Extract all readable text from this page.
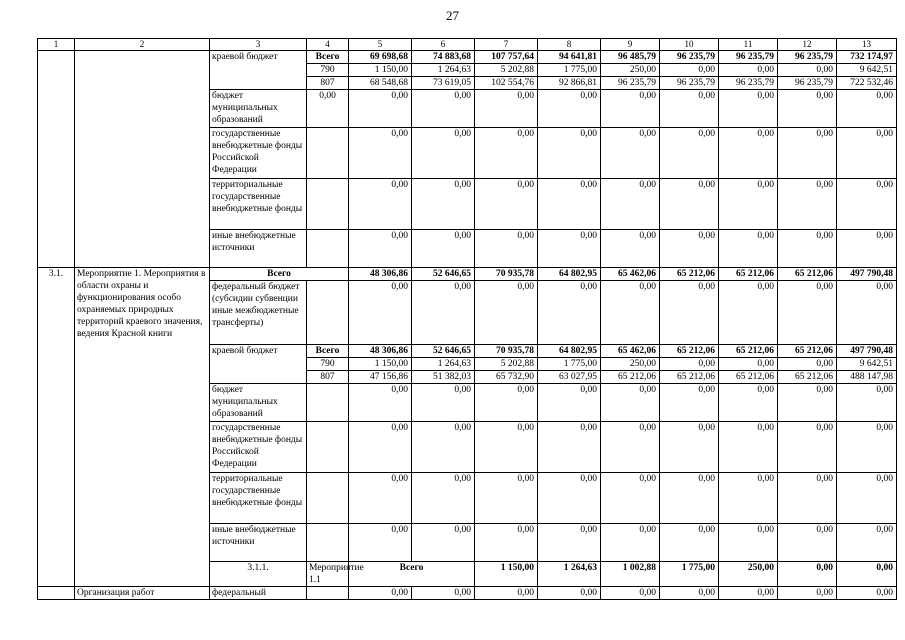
27
1	2	3	4	5	6	7	8	9	10	11	12	13	
		краевой бюджет	Всего	69 698,68	74 883,68	107 757,64	94 641,81	96 485,79	96 235,79	96 235,79	96 235,79	732 174,97	
			790	1 150,00	1 264,63	5 202,88	1 775,00	250,00	0,00	0,00	0,00	9 642,51	
			807	68 548,68	73 619,05	102 554,76	92 866,81	96 235,79	96 235,79	96 235,79	96 235,79	722 532,46	
		бюджет муниципальных образований	0,00	0,00	0,00	0,00	0,00	0,00	0,00	0,00	0,00	0,00	
		государственные внебюджетные фонды Российской Федерации		0,00	0,00	0,00	0,00	0,00	0,00	0,00	0,00	0,00	
		территориальные государственные внебюджетные фонды		0,00	0,00	0,00	0,00	0,00	0,00	0,00	0,00	0,00	
		иные внебюджетные источники		0,00	0,00	0,00	0,00	0,00	0,00	0,00	0,00	0,00	
3.1.	Мероприятие 1. Мероприятия в области охраны и функционирования особо охраняемых природных территорий краевого значения, ведения Красной книги	Всего		48 306,86	52 646,65	70 935,78	64 802,95	65 462,06	65 212,06	65 212,06	65 212,06	497 790,48	
		федеральный бюджет (субсидии субвенции иные межбюджетные трансферты)		0,00	0,00	0,00	0,00	0,00	0,00	0,00	0,00	0,00	
		краевой бюджет	Всего	48 306,86	52 646,65	70 935,78	64 802,95	65 462,06	65 212,06	65 212,06	65 212,06	497 790,48	
			790	1 150,00	1 264,63	5 202,88	1 775,00	250,00	0,00	0,00	0,00	9 642,51	
			807	47 156,86	51 382,03	65 732,90	63 027,95	65 212,06	65 212,06	65 212,06	65 212,06	488 147,98	
		бюджет муниципальных образований		0,00	0,00	0,00	0,00	0,00	0,00	0,00	0,00	0,00	
		государственные внебюджетные фонды Российской Федерации		0,00	0,00	0,00	0,00	0,00	0,00	0,00	0,00	0,00	
		территориальные государственные внебюджетные фонды		0,00	0,00	0,00	0,00	0,00	0,00	0,00	0,00	0,00	
		иные внебюджетные источники		0,00	0,00	0,00	0,00	0,00	0,00	0,00	0,00	0,00	
		3.1.1.	Мероприятие 1.1	Всего		1 150,00	1 264,63	1 002,88	1 775,00	250,00	0,00	0,00		
	Организация работ	федеральный		0,00	0,00	0,00	0,00	0,00	0,00	0,00	0,00	0,00	
